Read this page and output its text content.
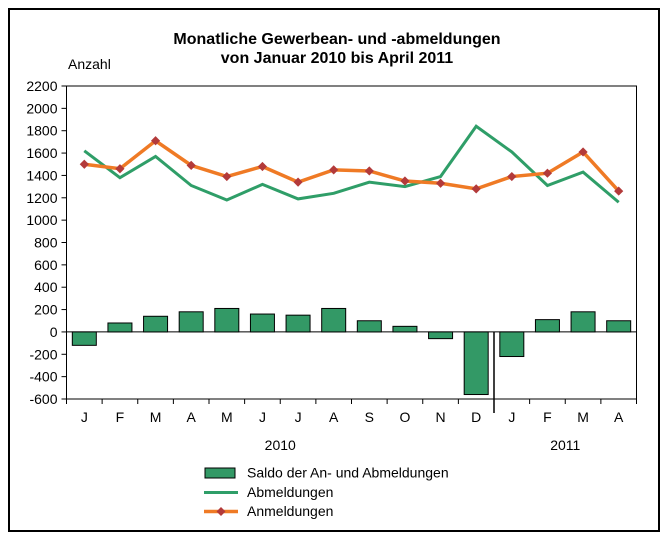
Monatliche Gewerbean- und -abmeldungen
von Januar 2010 bis April 2011
Anzahl
-600
-400
-200
0
200
400
600
800
1000
1200
1400
1600
1800
2000
2200
J F M A M J J A S O N D J F M A
2010	2011
Saldo der An- und Abmeldungen
Abmeldungen
Anmeldungen
